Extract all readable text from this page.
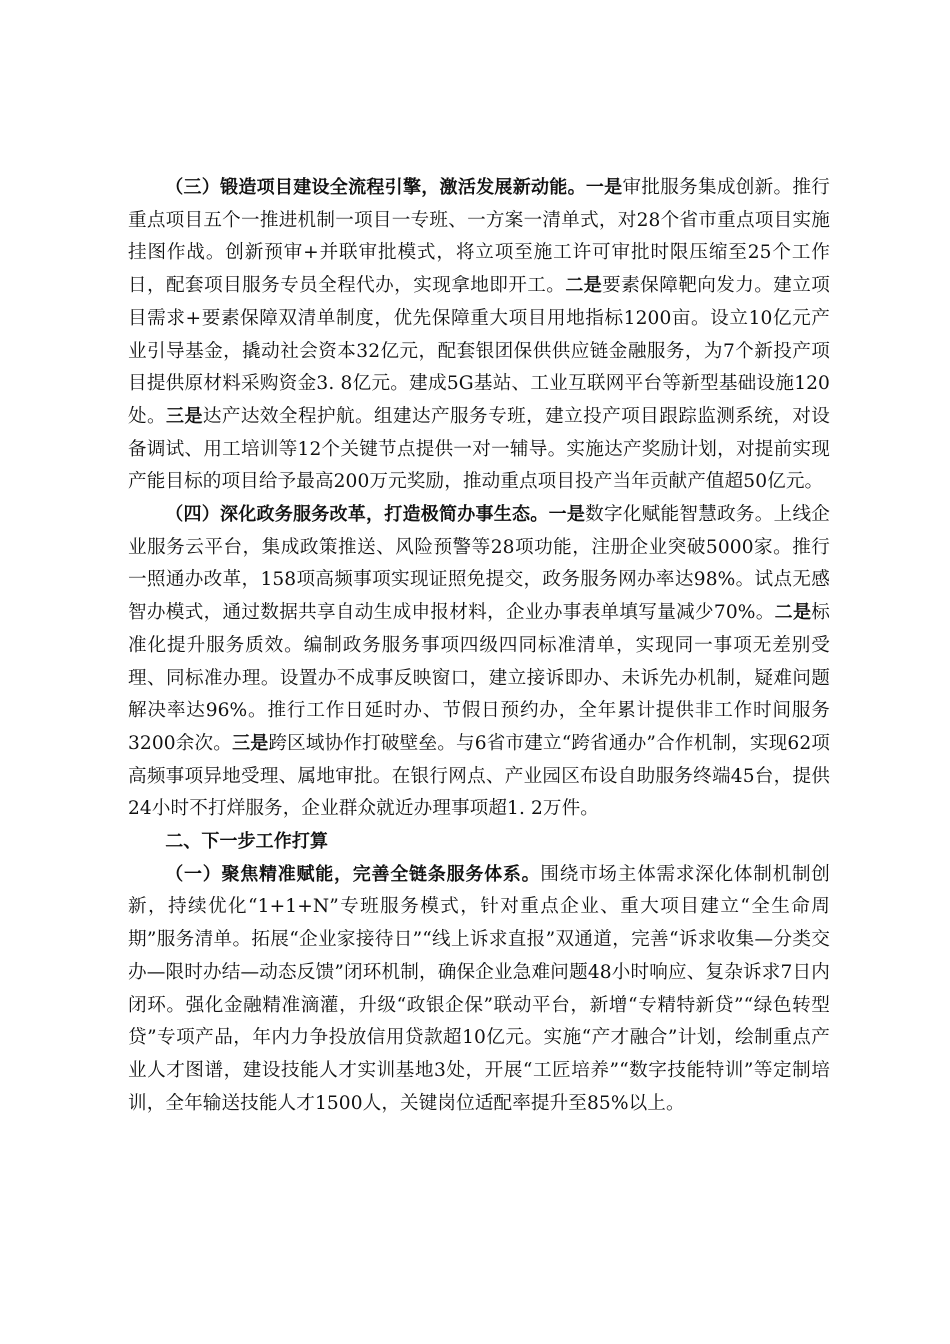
（三）锻造项目建设全流程引擎，激活发展新动能。一是审批服务集成创新。推行重点项目五个一推进机制一项目一专班、一方案一清单式，对28个省市重点项目实施挂图作战。创新预审+并联审批模式，将立项至施工许可审批时限压缩至25个工作日，配套项目服务专员全程代办，实现拿地即开工。二是要素保障靶向发力。建立项目需求+要素保障双清单制度，优先保障重大项目用地指标1200亩。设立10亿元产业引导基金，撬动社会资本32亿元，配套银团保供供应链金融服务，为7个新投产项目提供原材料采购资金3. 8亿元。建成5G基站、工业互联网平台等新型基础设施120处。三是达产达效全程护航。组建达产服务专班，建立投产项目跟踪监测系统，对设备调试、用工培训等12个关键节点提供一对一辅导。实施达产奖励计划，对提前实现产能目标的项目给予最高200万元奖励，推动重点项目投产当年贡献产值超50亿元。

（四）深化政务服务改革，打造极简办事生态。一是数字化赋能智慧政务。上线企业服务云平台，集成政策推送、风险预警等28项功能，注册企业突破5000家。推行一照通办改革，158项高频事项实现证照免提交，政务服务网办率达98%。试点无感智办模式，通过数据共享自动生成申报材料，企业办事表单填写量减少70%。二是标准化提升服务质效。编制政务服务事项四级四同标准清单，实现同一事项无差别受理、同标准办理。设置办不成事反映窗口，建立接诉即办、未诉先办机制，疑难问题解决率达96%。推行工作日延时办、节假日预约办，全年累计提供非工作时间服务3200余次。三是跨区域协作打破壁垒。与6省市建立“跨省通办”合作机制，实现62项高频事项异地受理、属地审批。在银行网点、产业园区布设自助服务终端45台，提供24小时不打烊服务，企业群众就近办理事项超1. 2万件。

二、下一步工作打算

（一）聚焦精准赋能，完善全链条服务体系。围绕市场主体需求深化体制机制创新，持续优化“1+1+N”专班服务模式，针对重点企业、重大项目建立“全生命周期”服务清单。拓展“企业家接待日”“线上诉求直报”双通道，完善“诉求收集—分类交办—限时办结—动态反馈”闭环机制，确保企业急难问题48小时响应、复杂诉求7日内闭环。强化金融精准滴灌，升级“政银企保”联动平台，新增“专精特新贷”“绿色转型贷”专项产品，年内力争投放信用贷款超10亿元。实施“产才融合”计划，绘制重点产业人才图谱，建设技能人才实训基地3处，开展“工匠培养”“数字技能特训”等定制培训，全年输送技能人才1500人，关键岗位适配率提升至85%以上。
